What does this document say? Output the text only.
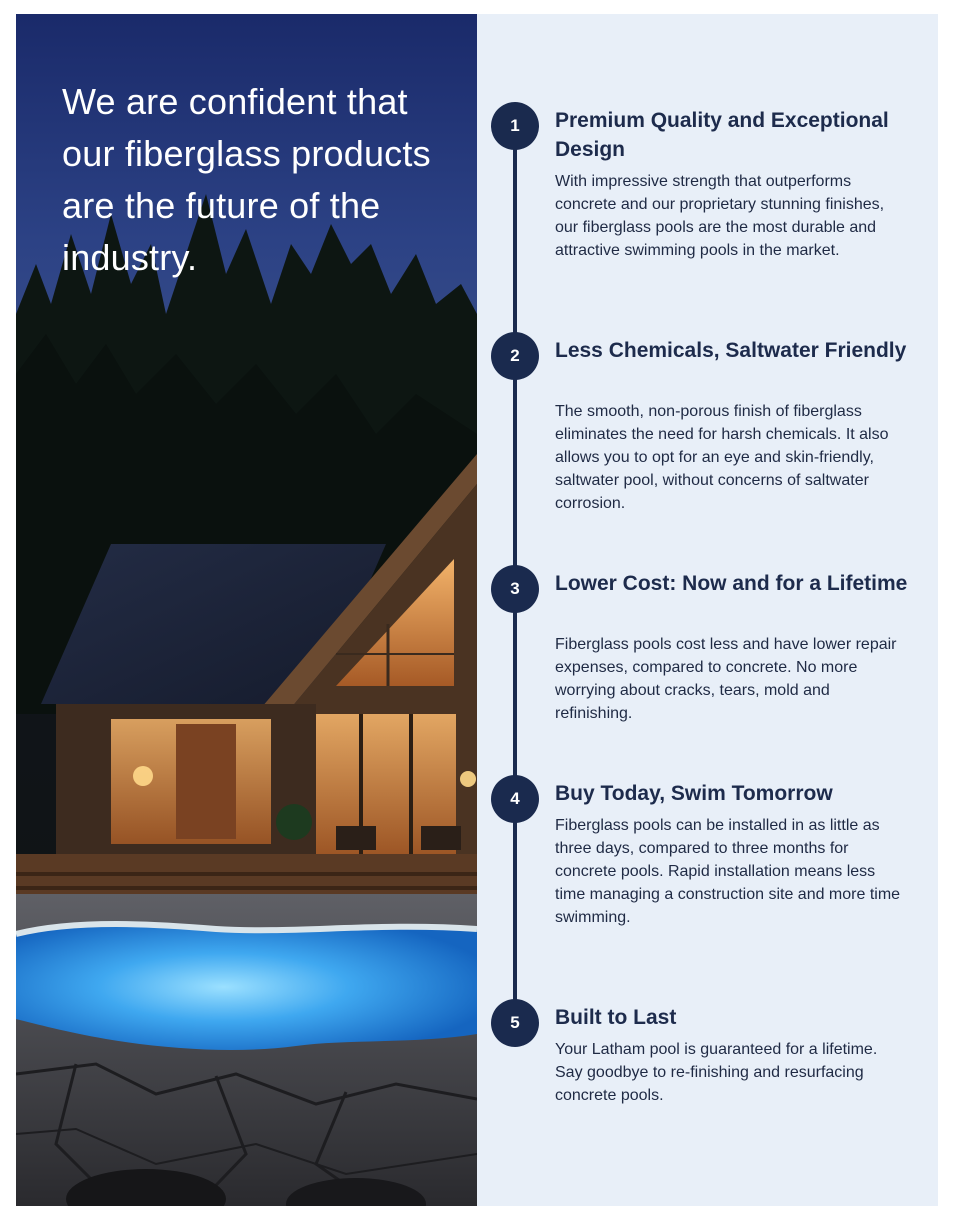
We are confident that our fiberglass products are the future of the industry.
1	Premium Quality and Exceptional Design
With impressive strength that outperforms concrete and our proprietary stunning finishes, our fiberglass pools are the most durable and attractive swimming pools in the market.
2	Less Chemicals, Saltwater Friendly
The smooth, non-porous finish of fiberglass eliminates the need for harsh chemicals. It also allows you to opt for an eye and skin-friendly, saltwater pool, without concerns of saltwater corrosion.
3	Lower Cost: Now and for a Lifetime
Fiberglass pools cost less and have lower repair expenses, compared to concrete. No more worrying about cracks, tears, mold and refinishing.
4	Buy Today, Swim Tomorrow
Fiberglass pools can be installed in as little as three days, compared to three months for concrete pools. Rapid installation means less time managing a construction site and more time swimming.
5	Built to Last
Your Latham pool is guaranteed for a lifetime. Say goodbye to re-finishing and resurfacing concrete pools.
